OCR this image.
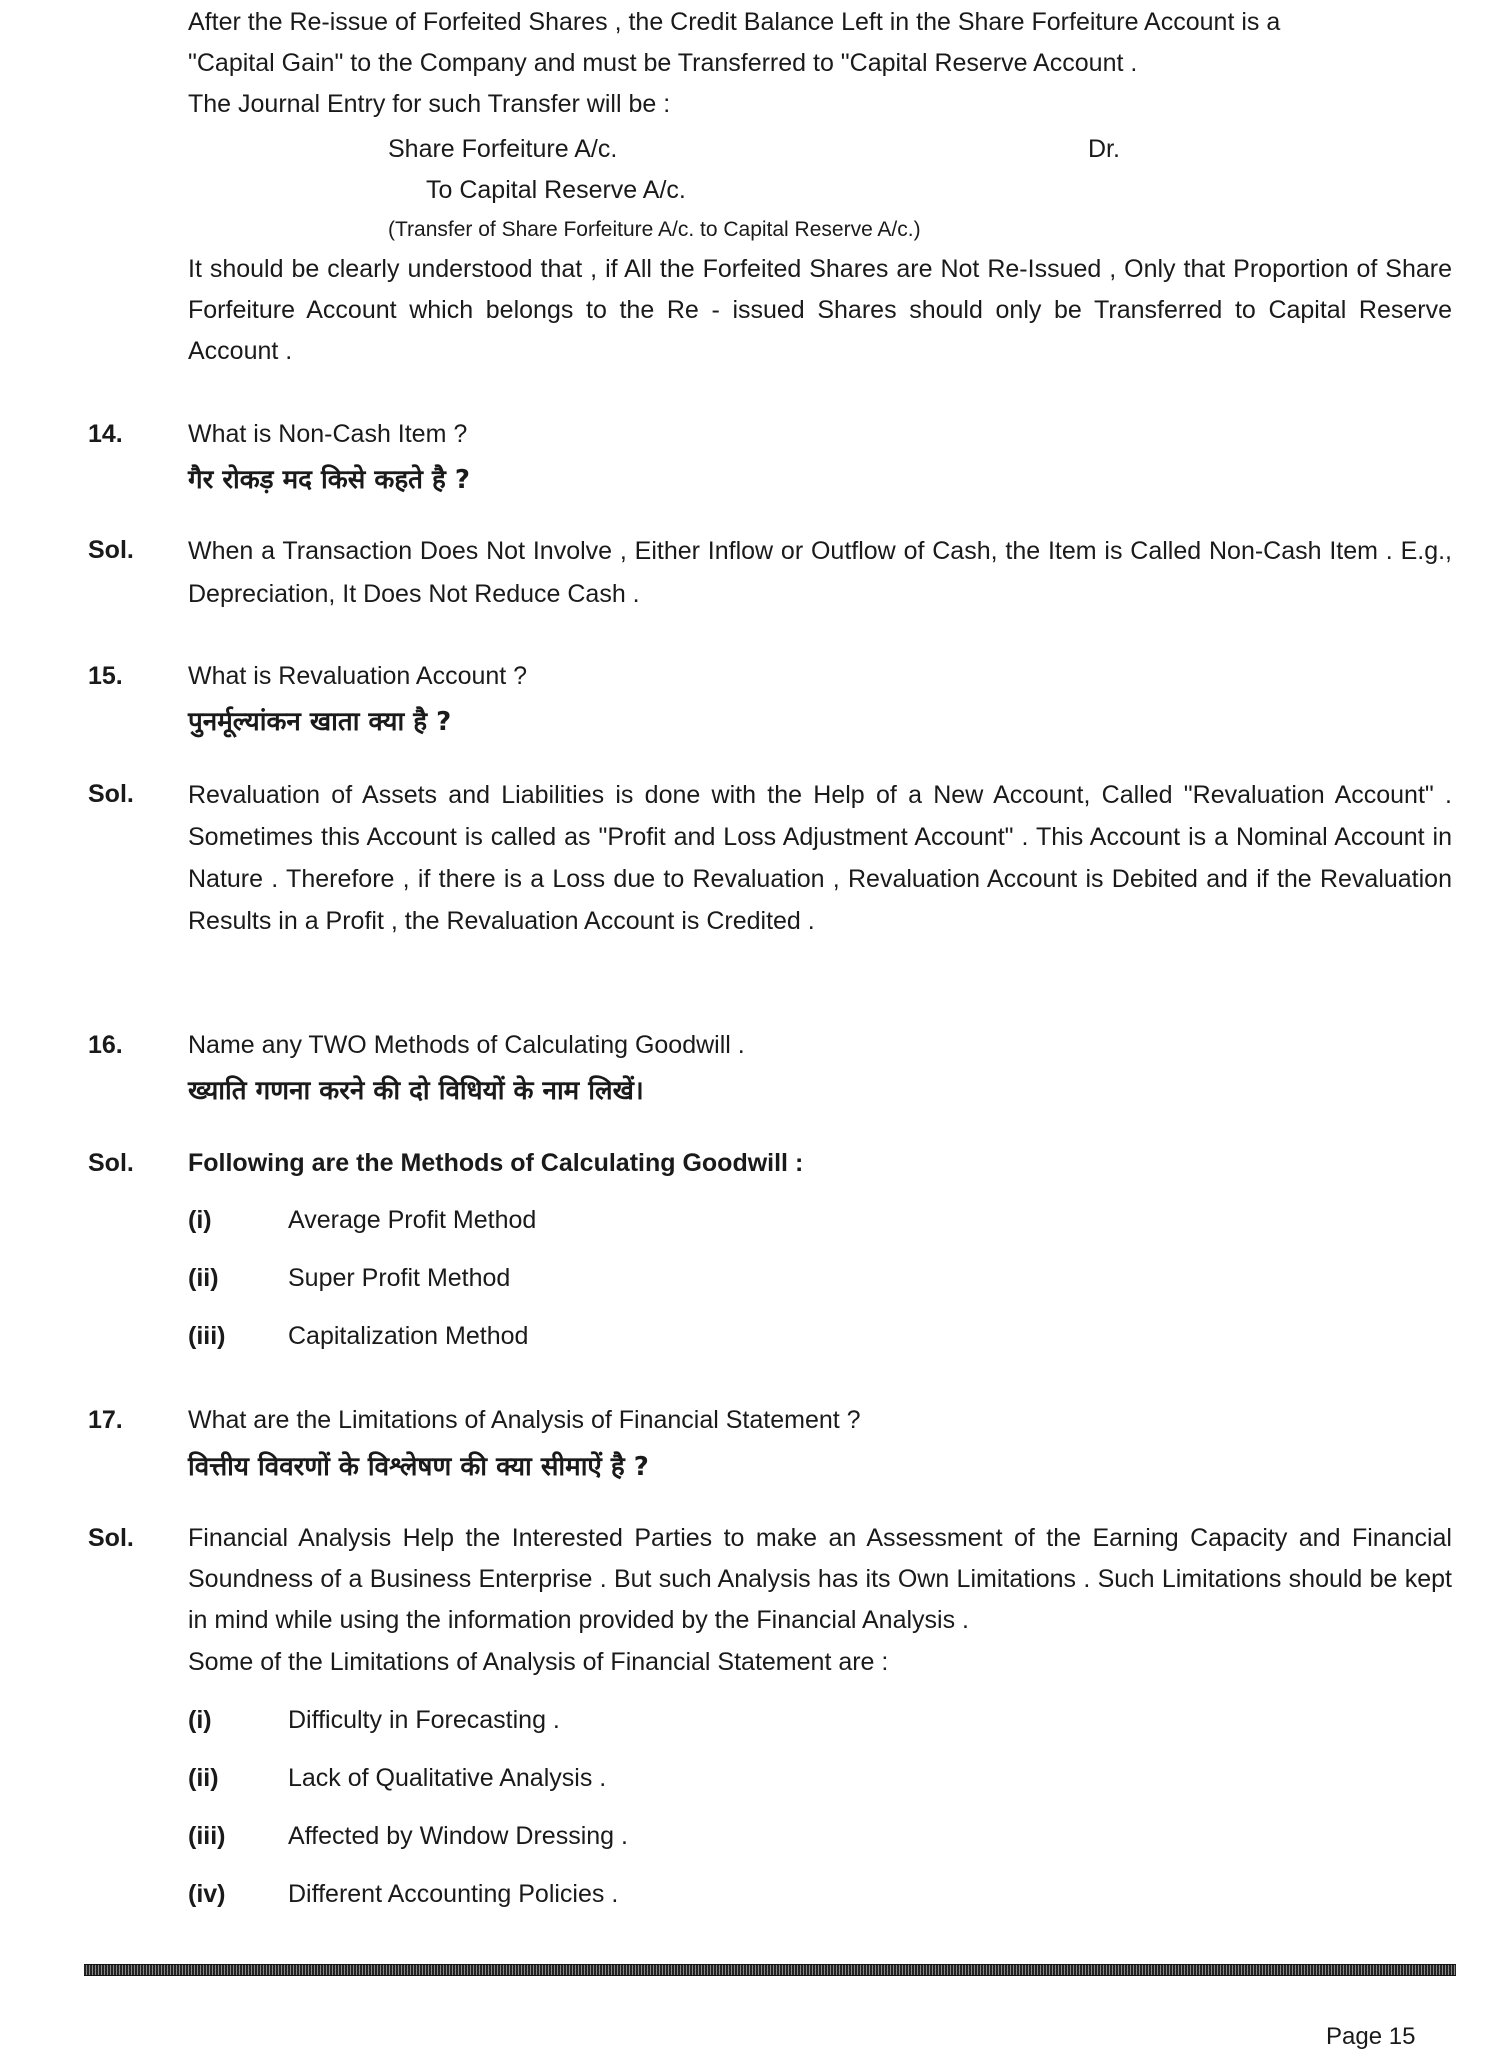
After the Re-issue of Forfeited Shares , the Credit Balance Left in the Share Forfeiture Account is a
"Capital Gain" to the Company and must be Transferred to "Capital Reserve Account .
The Journal Entry for such Transfer will be :
Share Forfeiture A/c.	Dr.
To Capital Reserve A/c.
(Transfer of Share Forfeiture A/c. to Capital Reserve A/c.)
It should be clearly understood that , if All the Forfeited Shares are Not Re-Issued , Only that Proportion of Share Forfeiture Account which belongs to the Re - issued Shares should only be Transferred to Capital Reserve Account .
14.	What is Non-Cash Item ?
गैर रोकड़ मद किसे कहते है ?
Sol. When a Transaction Does Not Involve , Either Inflow or Outflow of Cash, the Item is Called Non-Cash Item . E.g., Depreciation, It Does Not Reduce Cash .
15.	What is Revaluation Account ?
पुनर्मूल्यांकन खाता क्या है ?
Sol. Revaluation of Assets and Liabilities is done with the Help of a New Account, Called "Revaluation Account" . Sometimes this Account is called as "Profit and Loss Adjustment Account" . This Account is a Nominal Account in Nature . Therefore , if there is a Loss due to Revaluation , Revaluation Account is Debited and if the Revaluation Results in a Profit , the Revaluation Account is Credited .
16.	Name any TWO Methods of Calculating Goodwill .
ख्याति गणना करने की दो विधियों के नाम लिखें।
Sol. Following are the Methods of Calculating Goodwill :
(i)	Average Profit Method
(ii)	Super Profit Method
(iii)	Capitalization Method
17.	What are the Limitations of Analysis of Financial Statement ?
वित्तीय विवरणों के विश्लेषण की क्या सीमाऐं है ?
Sol. Financial Analysis Help the Interested Parties to make an Assessment of the Earning Capacity and Financial Soundness of a Business Enterprise . But such Analysis has its Own Limitations . Such Limitations should be kept in mind while using the information provided by the Financial Analysis .
Some of the Limitations of Analysis of Financial Statement are :
(i)	Difficulty in Forecasting .
(ii)	Lack of Qualitative Analysis .
(iii)	Affected by Window Dressing .
(iv)	Different Accounting Policies .
Page 15
